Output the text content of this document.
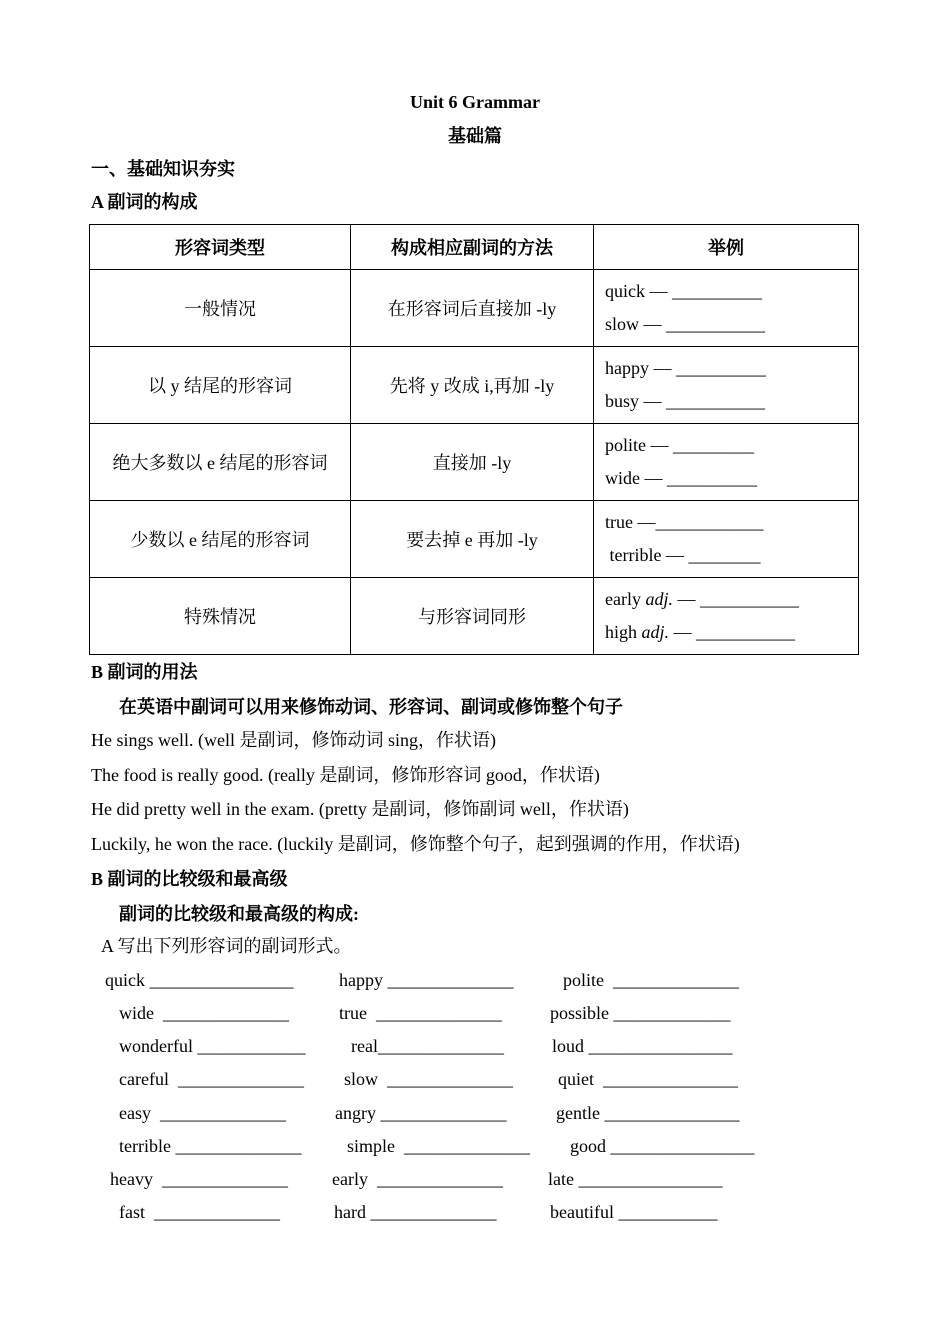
Unit 6 Grammar
基础篇
一、基础知识夯实
A 副词的构成
形容词类型	构成相应副词的方法	举例
一般情况	在形容词后直接加 -ly	quick — __________
slow — ___________

以 y 结尾的形容词	先将 y 改成 i,再加 -ly	happy — __________
busy — ___________

绝大多数以 e 结尾的形容词	直接加 -ly	polite — _________
wide — __________

少数以 e 结尾的形容词	要去掉 e 再加 -ly	true —____________
terrible — ________

特殊情况	与形容词同形	early adj. — ___________
high adj. — ___________
B 副词的用法
在英语中副词可以用来修饰动词、形容词、副词或修饰整个句子
He sings well. (well 是副词，修饰动词 sing，作状语)
The food is really good. (really 是副词，修饰形容词 good，作状语)
He did pretty well in the exam. (pretty 是副词，修饰副词 well，作状语)
Luckily, he won the race. (luckily 是副词，修饰整个句子，起到强调的作用，作状语)
B 副词的比较级和最高级
副词的比较级和最高级的构成:
A 写出下列形容词的副词形式。
quick ________________	happy ______________	polite  ______________
wide  ______________	true  ______________	possible _____________
wonderful ____________	real______________	loud ________________
careful  ______________ slow  ______________ quiet  _______________
easy  ______________	angry ______________	gentle _______________
terrible ______________	simple  ______________ good ________________
heavy  ______________ early  ______________	late ________________
fast  ______________	hard ______________	beautiful ___________
